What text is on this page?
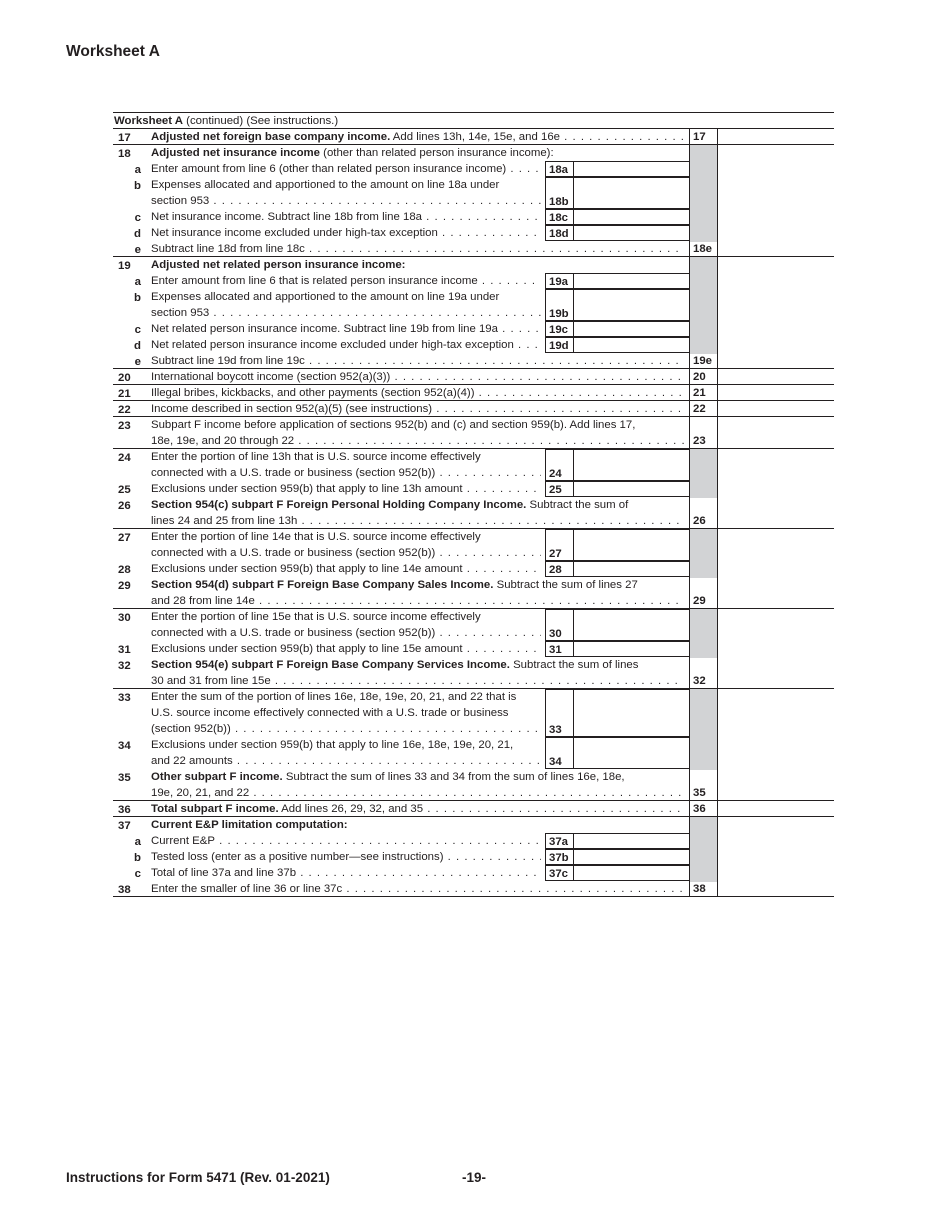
Worksheet A
Worksheet A (continued) (See instructions.)
17	Adjusted net foreign base company income. Add lines 13h, 14e, 15e, and 16e . . .	17
18	Adjusted net insurance income (other than related person insurance income):
a Enter amount from line 6 (other than related person insurance income) . . .	18a
b Expenses allocated and apportioned to the amount on line 18a under
section 953 . . .	18b
c Net insurance income. Subtract line 18b from line 18a . . .	18c
d Net insurance income excluded under high-tax exception . . .	18d
e Subtract line 18d from line 18c . . .	18e
19	Adjusted net related person insurance income:
a Enter amount from line 6 that is related person insurance income . . .	19a
b Expenses allocated and apportioned to the amount on line 19a under
section 953 . . .	19b
c Net related person insurance income. Subtract line 19b from line 19a . . .	19c
d Net related person insurance income excluded under high-tax exception . . .	19d
e Subtract line 19d from line 19c . . .	19e
20	International boycott income (section 952(a)(3)) . . .	20
21	Illegal bribes, kickbacks, and other payments (section 952(a)(4)) . . .	21
22	Income described in section 952(a)(5) (see instructions) . . .	22
23	Subpart F income before application of sections 952(b) and (c) and section 959(b). Add lines 17,
18e, 19e, and 20 through 22 . . .	23
24	Enter the portion of line 13h that is U.S. source income effectively
connected with a U.S. trade or business (section 952(b)) . . .	24
25	Exclusions under section 959(b) that apply to line 13h amount . . .	25
26	Section 954(c) subpart F Foreign Personal Holding Company Income. Subtract the sum of
lines 24 and 25 from line 13h . . .	26
27	Enter the portion of line 14e that is U.S. source income effectively
connected with a U.S. trade or business (section 952(b)) . . .	27
28	Exclusions under section 959(b) that apply to line 14e amount . . .	28
29	Section 954(d) subpart F Foreign Base Company Sales Income. Subtract the sum of lines 27
and 28 from line 14e . . .	29
30	Enter the portion of line 15e that is U.S. source income effectively
connected with a U.S. trade or business (section 952(b)) . . .	30
31	Exclusions under section 959(b) that apply to line 15e amount . . .	31
32	Section 954(e) subpart F Foreign Base Company Services Income. Subtract the sum of lines
30 and 31 from line 15e . . .	32
33	Enter the sum of the portion of lines 16e, 18e, 19e, 20, 21, and 22 that is
U.S. source income effectively connected with a U.S. trade or business
(section 952(b)) . . .	33
34	Exclusions under section 959(b) that apply to line 16e, 18e, 19e, 20, 21,
and 22 amounts . . .	34
35	Other subpart F income. Subtract the sum of lines 33 and 34 from the sum of lines 16e, 18e,
19e, 20, 21, and 22 . . .	35
36	Total subpart F income. Add lines 26, 29, 32, and 35 . . .	36
37	Current E&P limitation computation:
a Current E&P . . .	37a
b Tested loss (enter as a positive number—see instructions) . . .	37b
c Total of line 37a and line 37b . . .	37c
38	Enter the smaller of line 36 or line 37c . . .	38
Instructions for Form 5471 (Rev. 01-2021)	-19-
